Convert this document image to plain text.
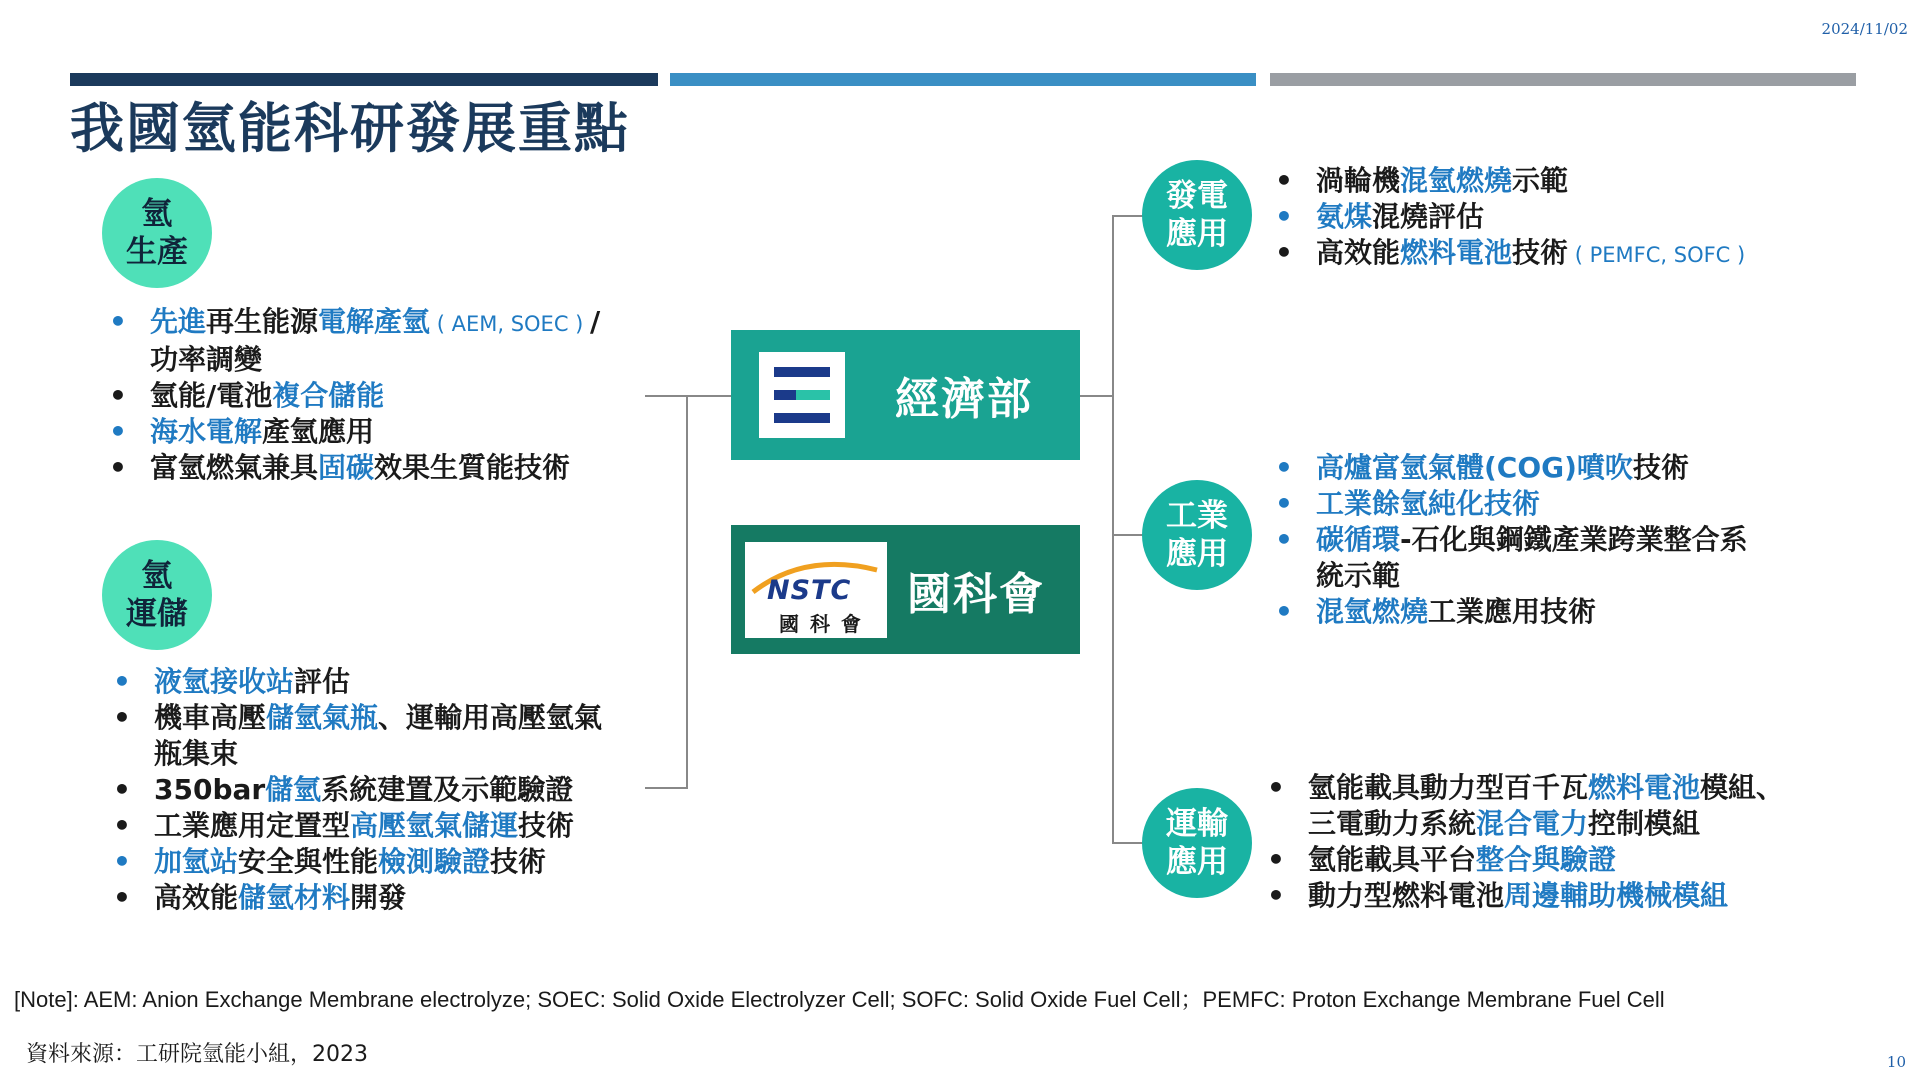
2024/11/02
我國氫能科研發展重點
氫
生產
• 先進再生能源電解產氫 ( AEM, SOEC ) /
功率調變
• 氫能/電池複合儲能
• 海水電解產氫應用
• 富氫燃氣兼具固碳效果生質能技術
氫
運儲
• 液氫接收站評估
• 機車高壓儲氫氣瓶、運輸用高壓氫氣
瓶集束
• 350bar儲氫系統建置及示範驗證
• 工業應用定置型高壓氫氣儲運技術
• 加氫站安全與性能檢測驗證技術
• 高效能儲氫材料開發
經濟部
NSTC
國 科 會
國科會
發電
應用
• 渦輪機混氫燃燒示範
• 氨煤混燒評估
• 高效能燃料電池技術 ( PEMFC, SOFC )
工業
應用
• 高爐富氫氣體(COG)噴吹技術
• 工業餘氫純化技術
• 碳循環-石化與鋼鐵產業跨業整合系
統示範
• 混氫燃燒工業應用技術
運輸
應用
• 氫能載具動力型百千瓦燃料電池模組、
三電動力系統混合電力控制模組
• 氫能載具平台整合與驗證
• 動力型燃料電池周邊輔助機械模組
[Note]: AEM: Anion Exchange Membrane electrolyze; SOEC: Solid Oxide Electrolyzer Cell; SOFC: Solid Oxide Fuel Cell；PEMFC: Proton Exchange Membrane Fuel Cell
資料來源：工研院氫能小組，2023	10
